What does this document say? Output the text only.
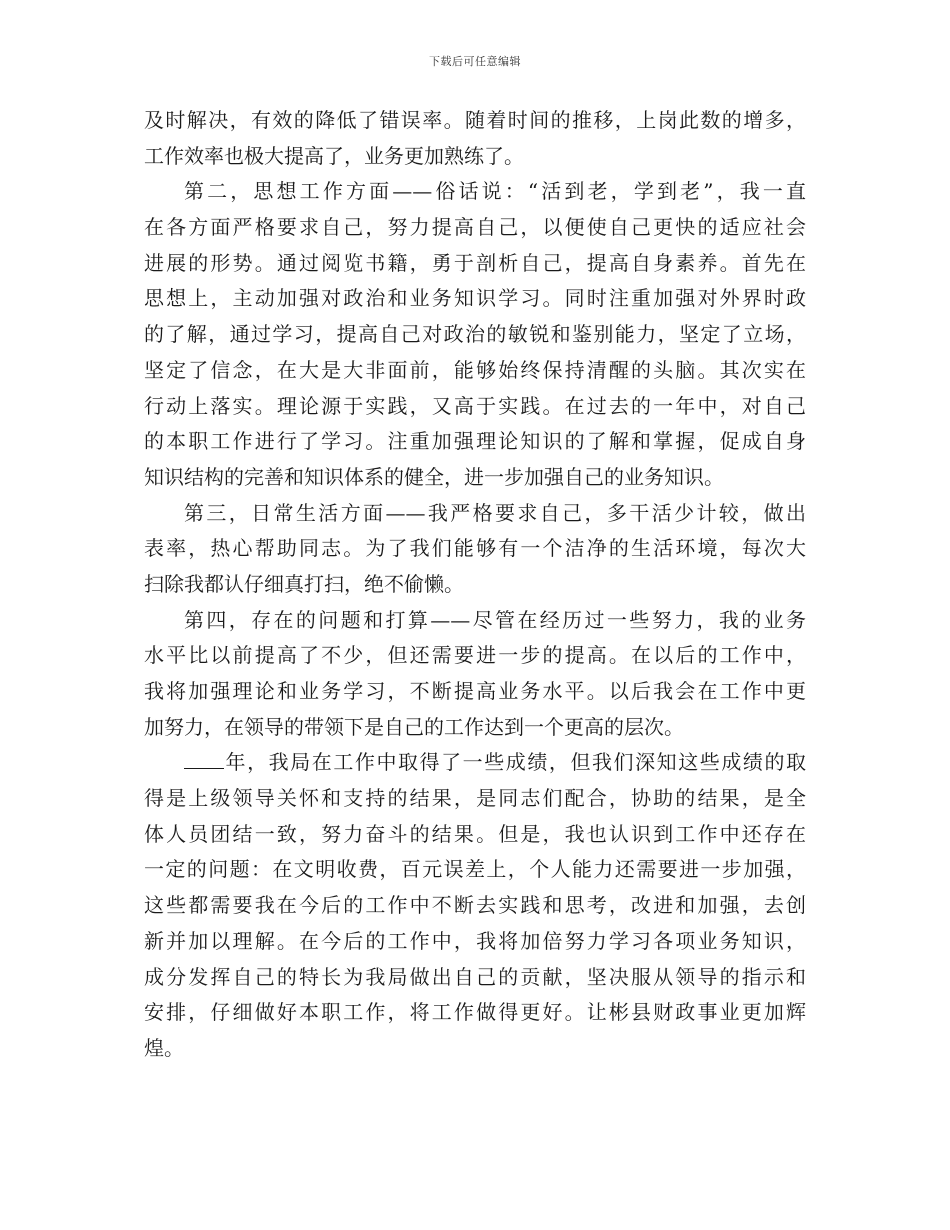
下载后可任意编辑
及时解决，有效的降低了错误率。随着时间的推移，上岗此数的增多，
工作效率也极大提高了，业务更加熟练了。
第二，思想工作方面——俗话说：“活到老，学到老”，我一直
在各方面严格要求自己，努力提高自己，以便使自己更快的适应社会
进展的形势。通过阅览书籍，勇于剖析自己，提高自身素养。首先在
思想上，主动加强对政治和业务知识学习。同时注重加强对外界时政
的了解，通过学习，提高自己对政治的敏锐和鉴别能力，坚定了立场，
坚定了信念，在大是大非面前，能够始终保持清醒的头脑。其次实在
行动上落实。理论源于实践，又高于实践。在过去的一年中，对自己
的本职工作进行了学习。注重加强理论知识的了解和掌握，促成自身
知识结构的完善和知识体系的健全，进一步加强自己的业务知识。
第三，日常生活方面——我严格要求自己，多干活少计较，做出
表率，热心帮助同志。为了我们能够有一个洁净的生活环境，每次大
扫除我都认仔细真打扫，绝不偷懒。
第四，存在的问题和打算——尽管在经历过一些努力，我的业务
水平比以前提高了不少，但还需要进一步的提高。在以后的工作中，
我将加强理论和业务学习，不断提高业务水平。以后我会在工作中更
加努力，在领导的带领下是自己的工作达到一个更高的层次。
年，我局在工作中取得了一些成绩，但我们深知这些成绩的取
得是上级领导关怀和支持的结果，是同志们配合，协助的结果，是全
体人员团结一致，努力奋斗的结果。但是，我也认识到工作中还存在
一定的问题：在文明收费，百元误差上，个人能力还需要进一步加强，
这些都需要我在今后的工作中不断去实践和思考，改进和加强，去创
新并加以理解。在今后的工作中，我将加倍努力学习各项业务知识，
成分发挥自己的特长为我局做出自己的贡献，坚决服从领导的指示和
安排，仔细做好本职工作，将工作做得更好。让彬县财政事业更加辉
煌。
